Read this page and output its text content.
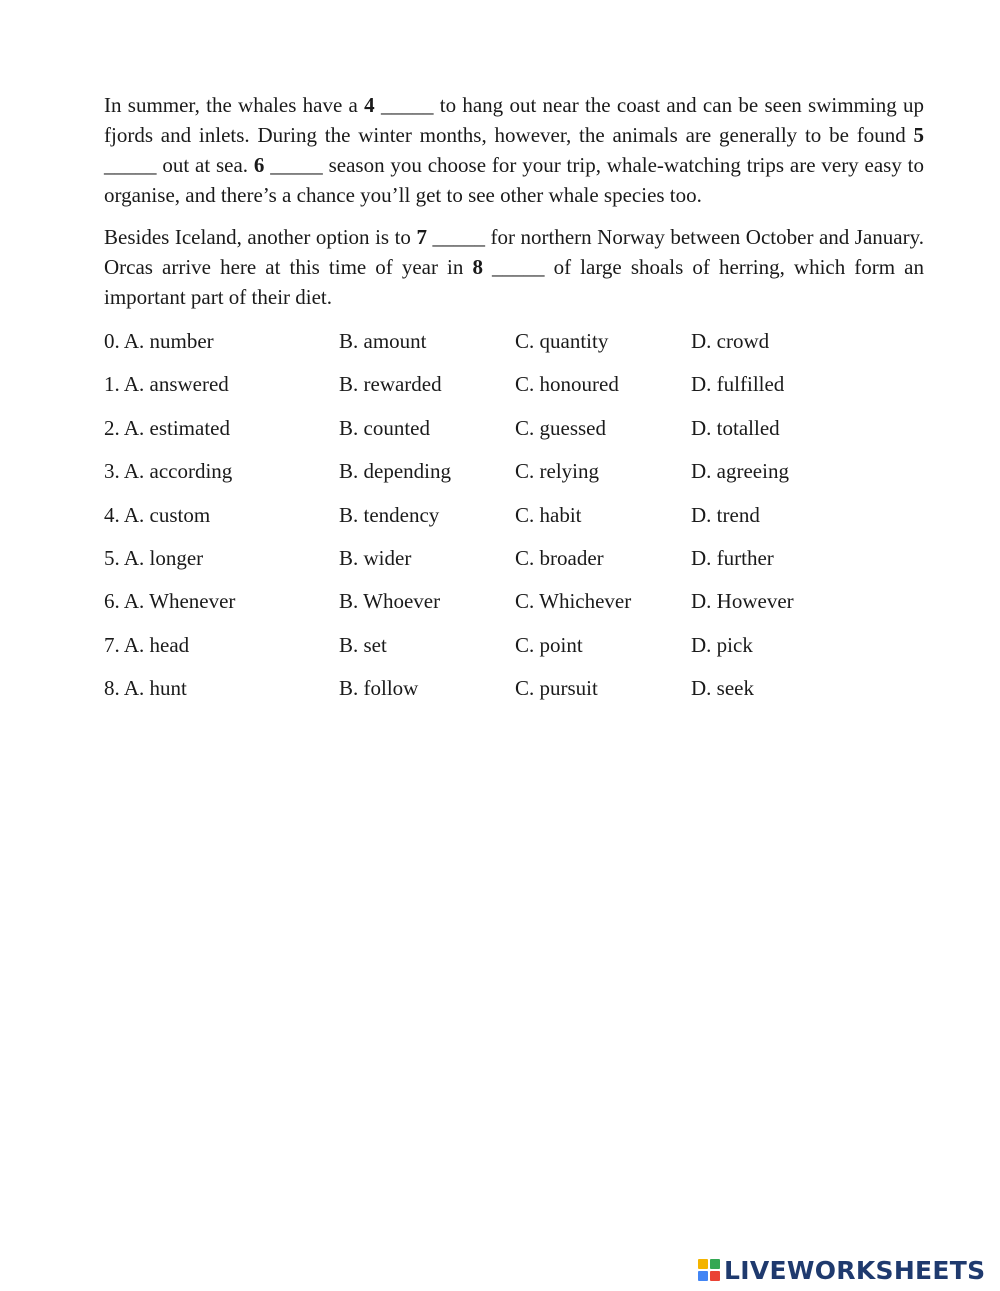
In summer, the whales have a 4 _____ to hang out near the coast and can be seen swimming up fjords and inlets. During the winter months, however, the animals are generally to be found 5 _____ out at sea. 6 _____ season you choose for your trip, whale-watching trips are very easy to organise, and there’s a chance you’ll get to see other whale species too.

Besides Iceland, another option is to 7 _____ for northern Norway between October and January. Orcas arrive here at this time of year in 8 _____ of large shoals of herring, which form an important part of their diet.

0. A. number	B. amount	C. quantity	D. crowd
1. A. answered	B. rewarded	C. honoured	D. fulfilled
2. A. estimated	B. counted	C. guessed	D. totalled
3. A. according	B. depending	C. relying	D. agreeing
4. A. custom	B. tendency	C. habit	D. trend
5. A. longer	B. wider	C. broader	D. further
6. A. Whenever	B. Whoever	C. Whichever	D. However
7. A. head	B. set	C. point	D. pick
8. A. hunt	B. follow	C. pursuit	D. seek
LIVEWORKSHEETS
